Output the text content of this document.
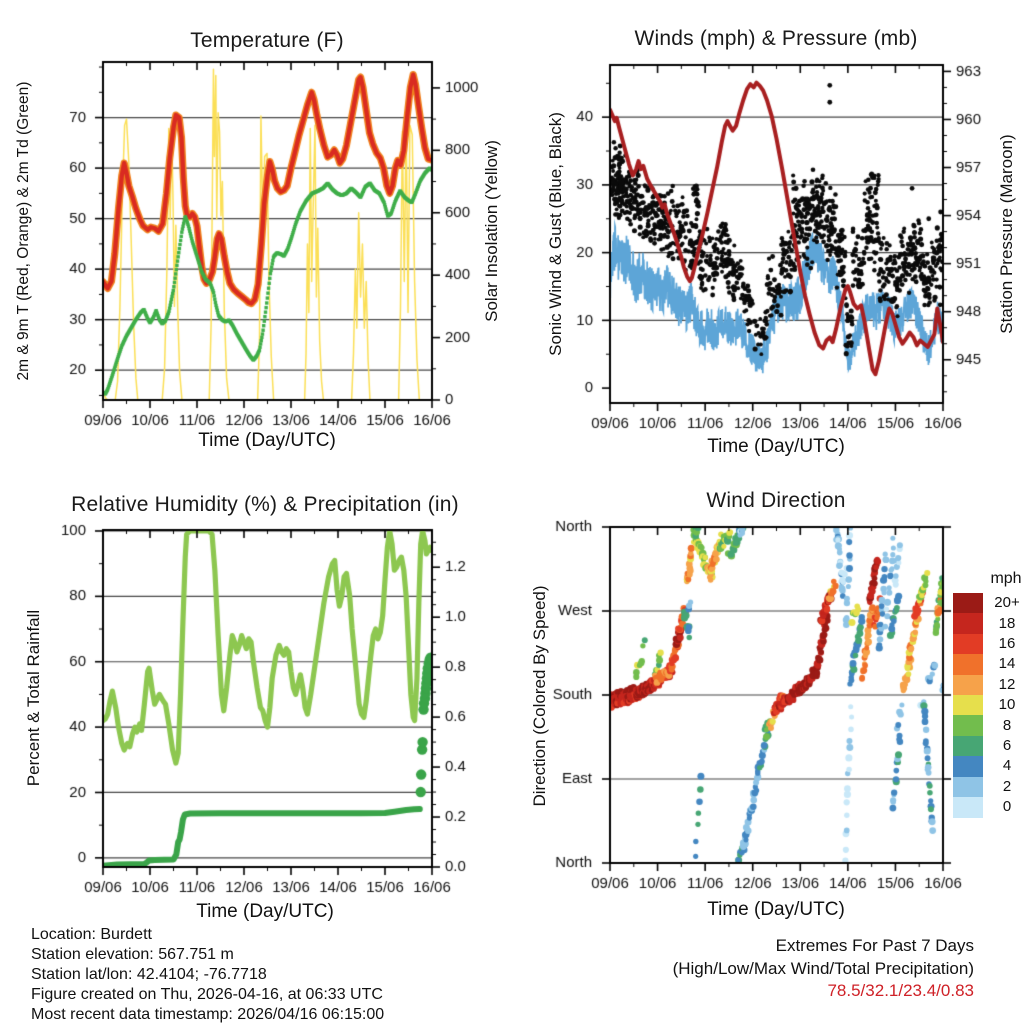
Temperature (F)	Winds (mph) & Pressure (mb)
Relative Humidity (%) & Precipitation (in)	Wind Direction
Time (Day/UTC)	Time (Day/UTC)
Time (Day/UTC)	Time (Day/UTC)
2m & 9m T (Red, Orange) & 2m Td (Green)	Solar Insolation (Yellow)	Sonic Wind & Gust (Blue, Black)	Station Pressure (Maroon)
Percent & Total Rainfall	Direction (Colored By Speed)
mph
20+
18
16
14
12
10
8
6
4
2
0
Extremes For Past 7 Days
(High/Low/Max Wind/Total Precipitation)
78.5/32.1/23.4/0.83
Location: Burdett
Station elevation: 567.751 m
Station lat/lon: 42.4104; -76.7718
Figure created on Thu, 2026-04-16, at 06:33 UTC
Most recent data timestamp: 2026/04/16 06:15:00
